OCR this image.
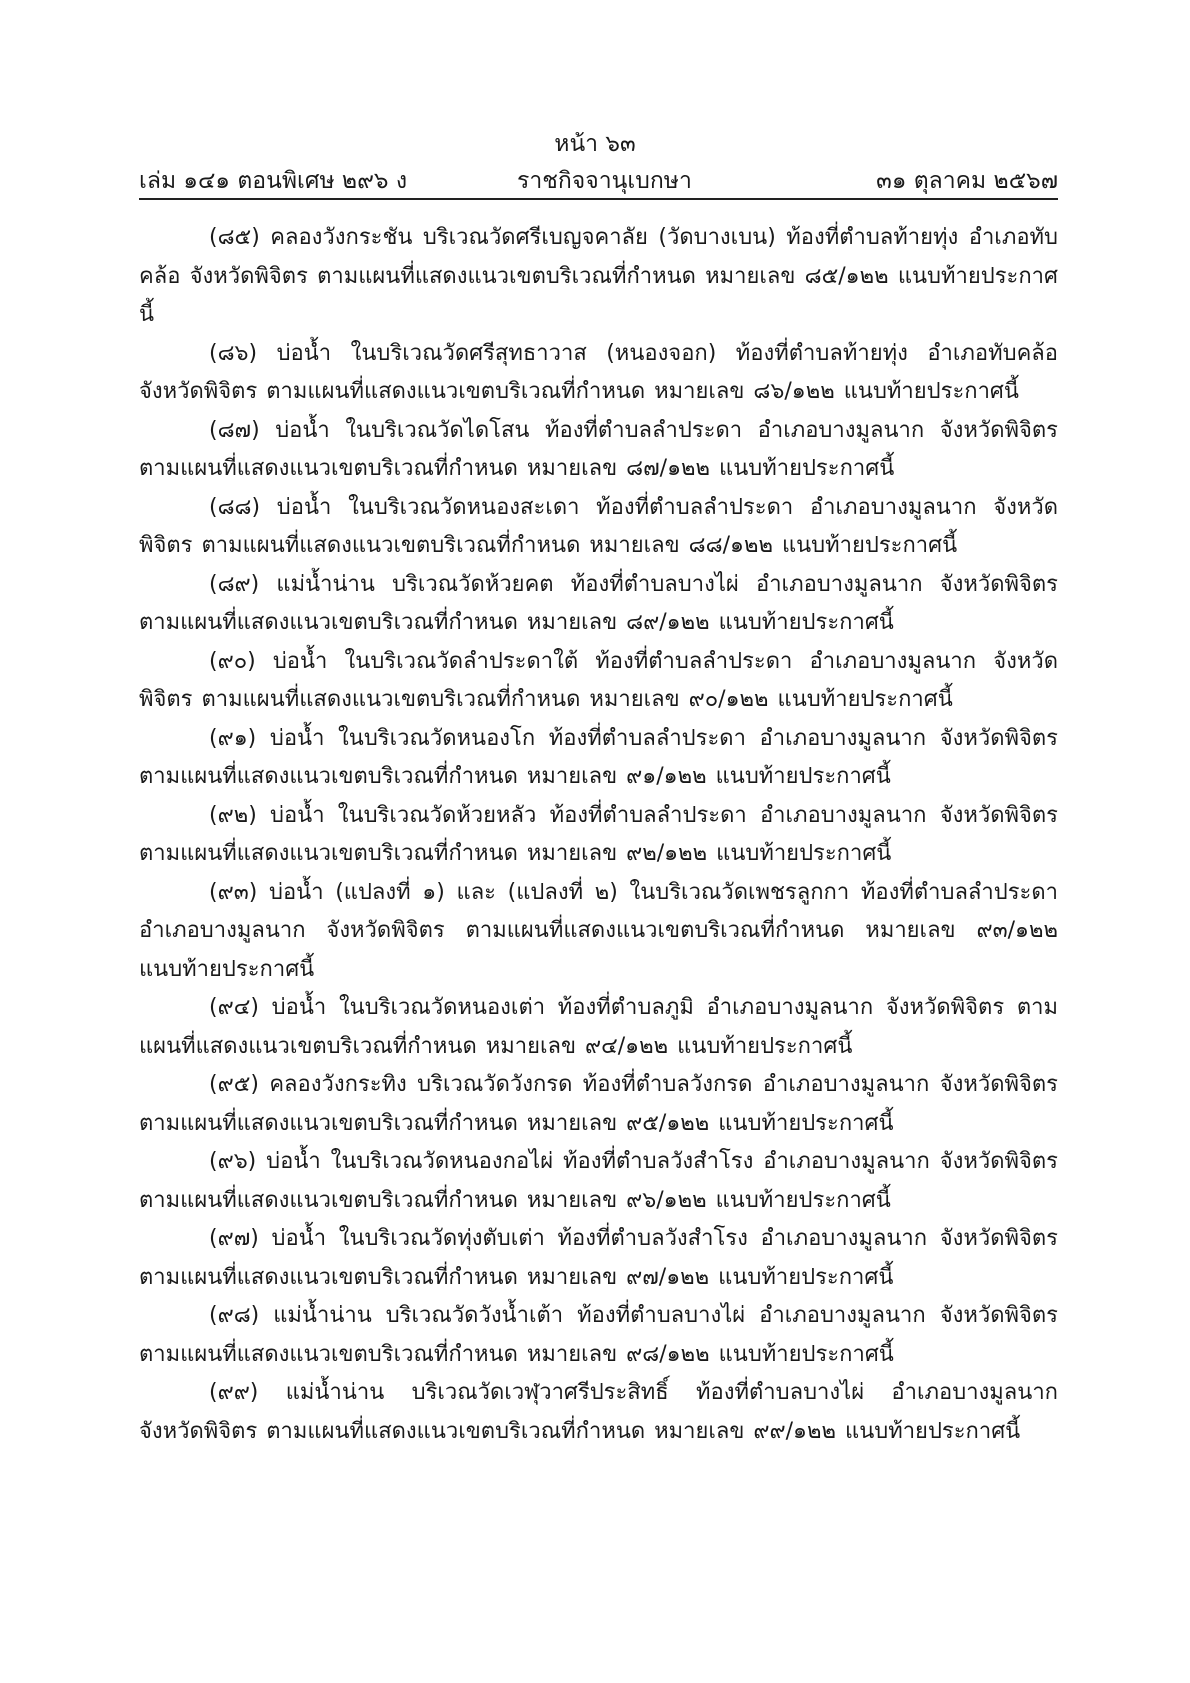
หน้า ๖๓
เล่ม ๑๔๑ ตอนพิเศษ ๒๙๖ ง	ราชกิจจานุเบกษา	๓๑ ตุลาคม ๒๕๖๗

(๘๕) คลองวังกระชัน บริเวณวัดศรีเบญจคาลัย (วัดบางเบน) ท้องที่ตำบลท้ายทุ่ง อำเภอทับคล้อ จังหวัดพิจิตร ตามแผนที่แสดงแนวเขตบริเวณที่กำหนด หมายเลข ๘๕/๑๒๒ แนบท้ายประกาศนี้

(๘๖) บ่อน้ำ ในบริเวณวัดศรีสุทธาวาส (หนองจอก) ท้องที่ตำบลท้ายทุ่ง อำเภอทับคล้อ จังหวัดพิจิตร ตามแผนที่แสดงแนวเขตบริเวณที่กำหนด หมายเลข ๘๖/๑๒๒ แนบท้ายประกาศนี้

(๘๗) บ่อน้ำ ในบริเวณวัดไดโสน ท้องที่ตำบลลำประดา อำเภอบางมูลนาก จังหวัดพิจิตร ตามแผนที่แสดงแนวเขตบริเวณที่กำหนด หมายเลข ๘๗/๑๒๒ แนบท้ายประกาศนี้

(๘๘) บ่อน้ำ ในบริเวณวัดหนองสะเดา ท้องที่ตำบลลำประดา อำเภอบางมูลนาก จังหวัดพิจิตร ตามแผนที่แสดงแนวเขตบริเวณที่กำหนด หมายเลข ๘๘/๑๒๒ แนบท้ายประกาศนี้

(๘๙) แม่น้ำน่าน บริเวณวัดห้วยคต ท้องที่ตำบลบางไผ่ อำเภอบางมูลนาก จังหวัดพิจิตร ตามแผนที่แสดงแนวเขตบริเวณที่กำหนด หมายเลข ๘๙/๑๒๒ แนบท้ายประกาศนี้

(๙๐) บ่อน้ำ ในบริเวณวัดลำประดาใต้ ท้องที่ตำบลลำประดา อำเภอบางมูลนาก จังหวัดพิจิตร ตามแผนที่แสดงแนวเขตบริเวณที่กำหนด หมายเลข ๙๐/๑๒๒ แนบท้ายประกาศนี้

(๙๑) บ่อน้ำ ในบริเวณวัดหนองโก ท้องที่ตำบลลำประดา อำเภอบางมูลนาก จังหวัดพิจิตร ตามแผนที่แสดงแนวเขตบริเวณที่กำหนด หมายเลข ๙๑/๑๒๒ แนบท้ายประกาศนี้

(๙๒) บ่อน้ำ ในบริเวณวัดห้วยหลัว ท้องที่ตำบลลำประดา อำเภอบางมูลนาก จังหวัดพิจิตร ตามแผนที่แสดงแนวเขตบริเวณที่กำหนด หมายเลข ๙๒/๑๒๒ แนบท้ายประกาศนี้

(๙๓) บ่อน้ำ (แปลงที่ ๑) และ (แปลงที่ ๒) ในบริเวณวัดเพชรลูกกา ท้องที่ตำบลลำประดา อำเภอบางมูลนาก จังหวัดพิจิตร ตามแผนที่แสดงแนวเขตบริเวณที่กำหนด หมายเลข ๙๓/๑๒๒ แนบท้ายประกาศนี้

(๙๔) บ่อน้ำ ในบริเวณวัดหนองเต่า ท้องที่ตำบลภูมิ อำเภอบางมูลนาก จังหวัดพิจิตร ตามแผนที่แสดงแนวเขตบริเวณที่กำหนด หมายเลข ๙๔/๑๒๒ แนบท้ายประกาศนี้

(๙๕) คลองวังกระทิง บริเวณวัดวังกรด ท้องที่ตำบลวังกรด อำเภอบางมูลนาก จังหวัดพิจิตร ตามแผนที่แสดงแนวเขตบริเวณที่กำหนด หมายเลข ๙๕/๑๒๒ แนบท้ายประกาศนี้

(๙๖) บ่อน้ำ ในบริเวณวัดหนองกอไผ่ ท้องที่ตำบลวังสำโรง อำเภอบางมูลนาก จังหวัดพิจิตร ตามแผนที่แสดงแนวเขตบริเวณที่กำหนด หมายเลข ๙๖/๑๒๒ แนบท้ายประกาศนี้

(๙๗) บ่อน้ำ ในบริเวณวัดทุ่งตับเต่า ท้องที่ตำบลวังสำโรง อำเภอบางมูลนาก จังหวัดพิจิตร ตามแผนที่แสดงแนวเขตบริเวณที่กำหนด หมายเลข ๙๗/๑๒๒ แนบท้ายประกาศนี้

(๙๘) แม่น้ำน่าน บริเวณวัดวังน้ำเต้า ท้องที่ตำบลบางไผ่ อำเภอบางมูลนาก จังหวัดพิจิตร ตามแผนที่แสดงแนวเขตบริเวณที่กำหนด หมายเลข ๙๘/๑๒๒ แนบท้ายประกาศนี้

(๙๙) แม่น้ำน่าน บริเวณวัดเวฬุวาศรีประสิทธิ์ ท้องที่ตำบลบางไผ่ อำเภอบางมูลนาก จังหวัดพิจิตร ตามแผนที่แสดงแนวเขตบริเวณที่กำหนด หมายเลข ๙๙/๑๒๒ แนบท้ายประกาศนี้
